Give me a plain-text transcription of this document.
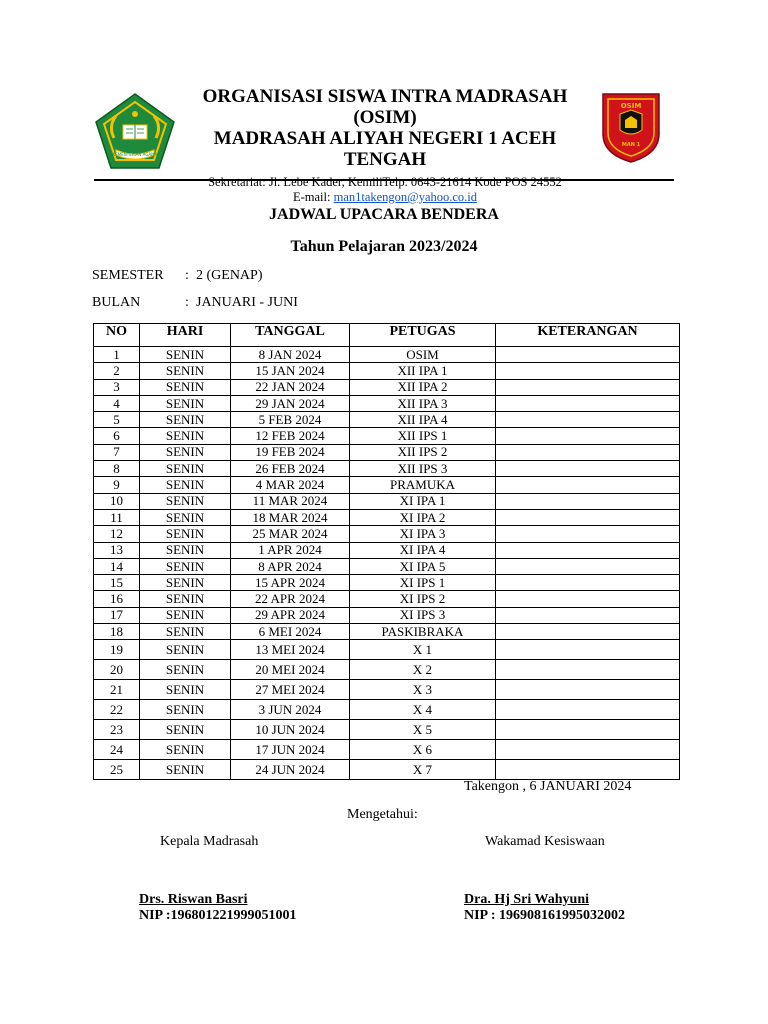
KEMENTERIAN AGAMA
ORGANISASI SISWA INTRA MADRASAH
(OSIM)
MADRASAH ALIYAH NEGERI 1 ACEH TENGAH
Sekretariat: Jl. Lebe Kader, KemiliTelp. 0643-21614 Kode POS 24552
E-mail: man1takengon@yahoo.co.id
OSIM
MAN 1
JADWAL UPACARA BENDERA
Tahun Pelajaran 2023/2024
SEMESTER : 2 (GENAP)
BULAN	: JANUARI - JUNI
NO	HARI	TANGGAL	PETUGAS	KETERANGAN
1	SENIN	8 JAN 2024	OSIM	
2	SENIN	15 JAN 2024	XII IPA 1	
3	SENIN	22 JAN 2024	XII IPA 2	
4	SENIN	29 JAN 2024	XII IPA 3	
5	SENIN	5 FEB 2024	XII IPA 4	
6	SENIN	12 FEB 2024	XII IPS 1	
7	SENIN	19 FEB 2024	XII IPS 2	
8	SENIN	26 FEB 2024	XII IPS 3	
9	SENIN	4 MAR 2024	PRAMUKA	
10	SENIN	11 MAR 2024	XI IPA 1	
11	SENIN	18 MAR 2024	XI IPA 2	
12	SENIN	25 MAR 2024	XI IPA 3	
13	SENIN	1 APR 2024	XI IPA 4	
14	SENIN	8 APR 2024	XI IPA 5	
15	SENIN	15 APR 2024	XI IPS 1	
16	SENIN	22 APR 2024	XI IPS 2	
17	SENIN	29 APR 2024	XI IPS 3	
18	SENIN	6 MEI 2024	PASKIBRAKA	
19	SENIN	13 MEI 2024	X 1	
20	SENIN	20 MEI 2024	X 2	
21	SENIN	27 MEI 2024	X 3	
22	SENIN	3 JUN 2024	X 4	
23	SENIN	10 JUN 2024	X 5	
24	SENIN	17 JUN 2024	X 6	
25	SENIN	24 JUN 2024	X 7	
Takengon , 6 JANUARI 2024
Mengetahui:
Kepala Madrasah	Wakamad Kesiswaan
Drs. Riswan Basri
NIP :196801221999051001
Dra. Hj Sri Wahyuni
NIP : 196908161995032002
